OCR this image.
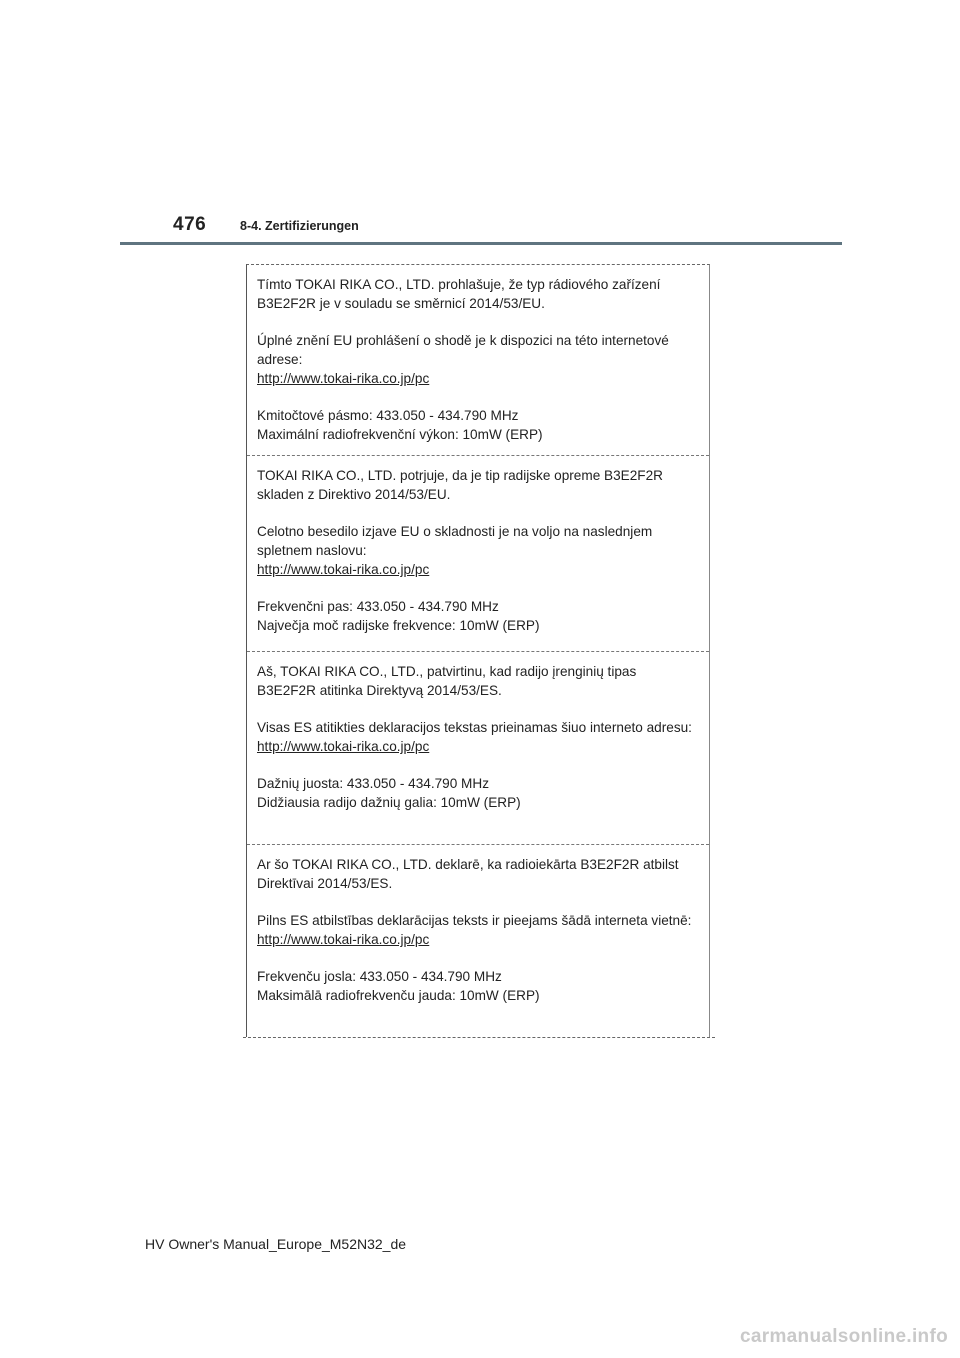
476	8-4. Zertifizierungen

Tímto TOKAI RIKA CO., LTD. prohlašuje, že typ rádiového zařízení B3E2F2R je v souladu se směrnicí 2014/53/EU.

Úplné znění EU prohlášení o shodě je k dispozici na této internetové adrese:
http://www.tokai-rika.co.jp/pc

Kmitočtové pásmo: 433.050 - 434.790 MHz
Maximální radiofrekvenční výkon: 10mW (ERP)

TOKAI RIKA CO., LTD. potrjuje, da je tip radijske opreme B3E2F2R skladen z Direktivo 2014/53/EU.

Celotno besedilo izjave EU o skladnosti je na voljo na naslednjem spletnem naslovu:
http://www.tokai-rika.co.jp/pc

Frekvenčni pas: 433.050 - 434.790 MHz
Največja moč radijske frekvence: 10mW (ERP)

Aš, TOKAI RIKA CO., LTD., patvirtinu, kad radijo įrenginių tipas B3E2F2R atitinka Direktyvą 2014/53/ES.

Visas ES atitikties deklaracijos tekstas prieinamas šiuo interneto adresu:
http://www.tokai-rika.co.jp/pc

Dažnių juosta: 433.050 - 434.790 MHz
Didžiausia radijo dažnių galia: 10mW (ERP)

Ar šo TOKAI RIKA CO., LTD. deklarē, ka radioiekārta B3E2F2R atbilst Direktīvai 2014/53/ES.

Pilns ES atbilstības deklarācijas teksts ir pieejams šādā interneta vietnē:
http://www.tokai-rika.co.jp/pc

Frekvenču josla: 433.050 - 434.790 MHz
Maksimālā radiofrekvenču jauda: 10mW (ERP)

HV Owner's Manual_Europe_M52N32_de
carmanualsonline.info
